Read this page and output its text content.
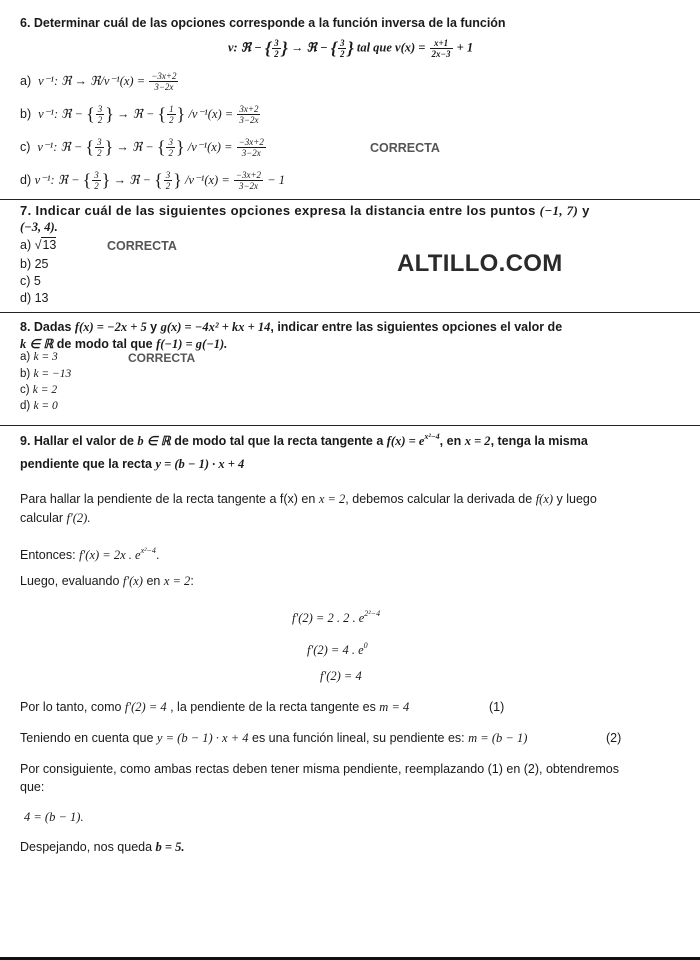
6. Determinar cuál de las opciones corresponde a la función inversa de la función
v: ℜ − { $\frac{3}{2}$ } → ℜ − { $\frac{3}{2}$ } tal que $v(x) = \frac{x+1}{2x-3} + 1$
a) v⁻¹: ℜ → ℜ/v⁻¹(x) = $\frac{-3x+2}{3-2x}$
b) v⁻¹: ℜ − { $\frac{3}{2}$ } → ℜ − { $\frac{1}{2}$ } $/v^{-1}(x) = \frac{3x+2}{3-2x}$
c) v⁻¹: ℜ − { $\frac{3}{2}$ } → ℜ − { $\frac{3}{2}$ } $/v^{-1}(x) = \frac{-3x+2}{3-2x}$	CORRECTA
d) v⁻¹: ℜ − { $\frac{3}{2}$ } → ℜ − { $\frac{3}{2}$ } $/v^{-1}(x) = \frac{-3x+2}{3-2x} - 1$
7. Indicar cuál de las siguientes opciones expresa la distancia entre los puntos (−1, 7) y
(−3, 4).
a) √13	CORRECTA
b) 25
c) 5
d) 13
ALTILLO.COM
8. Dadas f(x) = −2x + 5 y g(x) = −4x² + kx + 14, indicar entre las siguientes opciones el valor de
k ∈ ℝ de modo tal que f(−1) = g(−1).
a) k = 3	CORRECTA
b) k = −13
c) k = 2
d) k = 0
9. Hallar el valor de b ∈ ℝ de modo tal que la recta tangente a $f(x) = e^{x^2-4}$, en x = 2, tenga la misma
pendiente que la recta y = (b − 1) · x + 4
Para hallar la pendiente de la recta tangente a f(x) en x = 2, debemos calcular la derivada de f(x) y luego
calcular f′(2).
Entonces: f′(x) = 2x . $e^{x^2-4}$.
Luego, evaluando f′(x) en x = 2:
f′(2) = 2 . 2 . $e^{2^2-4}$
f′(2) = 4 . $e^0$
f′(2) = 4
Por lo tanto, como f′(2) = 4 , la pendiente de la recta tangente es m = 4	(1)
Teniendo en cuenta que y = (b − 1) · x + 4 es una función lineal, su pendiente es: m = (b − 1)	(2)
Por consiguiente, como ambas rectas deben tener misma pendiente, reemplazando (1) en (2), obtendremos
que:
4 = (b − 1).
Despejando, nos queda b = 5.
